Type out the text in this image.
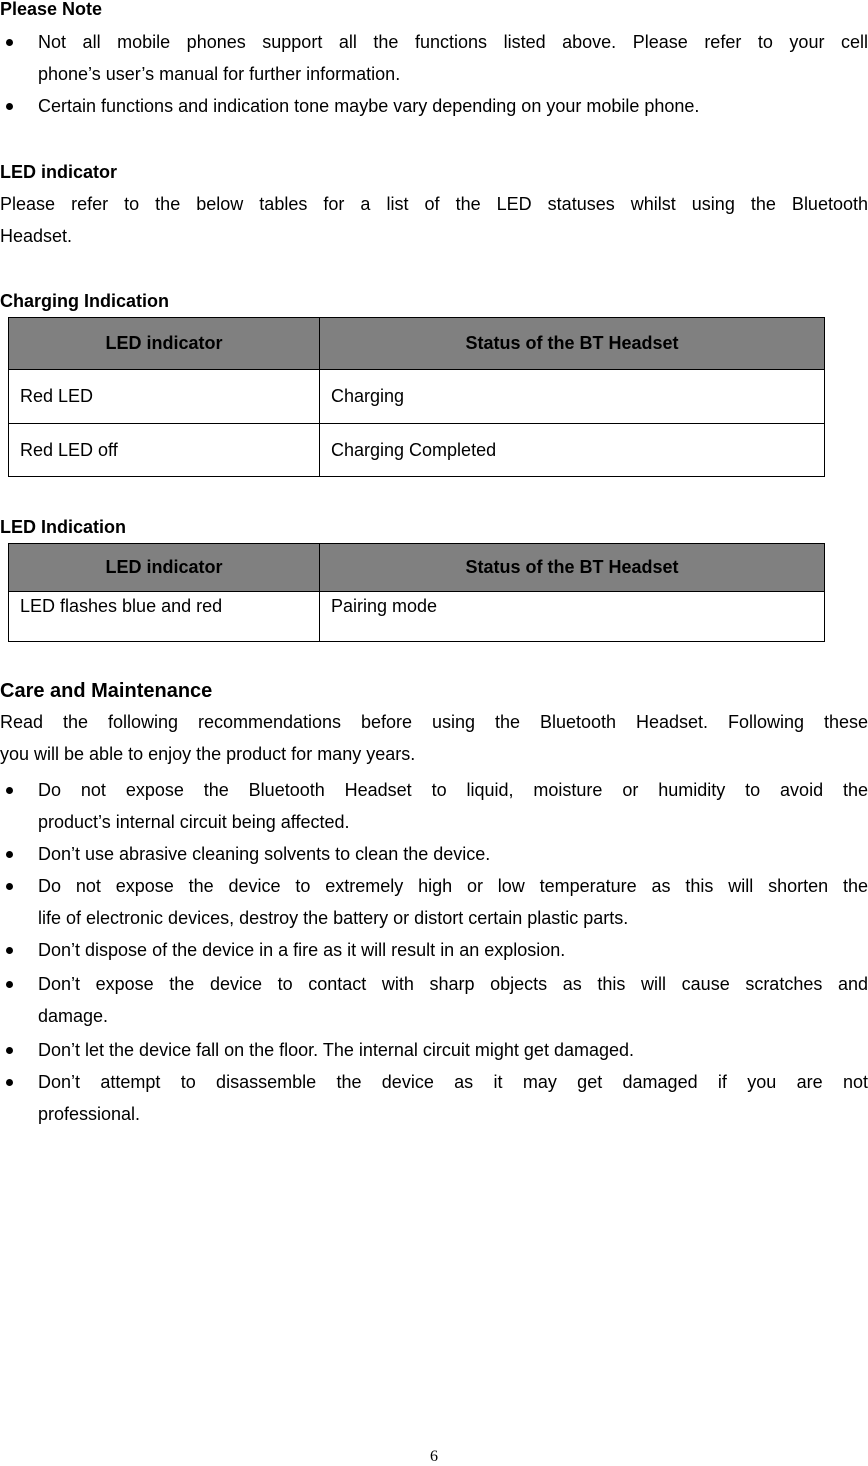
Please Note
Not all mobile phones support all the functions listed above. Please refer to your cell
phone’s user’s manual for further information.
Certain functions and indication tone maybe vary depending on your mobile phone.
LED indicator
Please refer to the below tables for a list of the LED statuses whilst using the Bluetooth
Headset.
Charging Indication
LED indicator	Status of the BT Headset
Red LED	Charging
Red LED off	Charging Completed
LED Indication
LED indicator	Status of the BT Headset
LED flashes blue and red	Pairing mode
Care and Maintenance
Read the following recommendations before using the Bluetooth Headset. Following these
you will be able to enjoy the product for many years.
Do not expose the Bluetooth Headset to liquid, moisture or humidity to avoid the
product’s internal circuit being affected.
Don’t use abrasive cleaning solvents to clean the device.
Do not expose the device to extremely high or low temperature as this will shorten the
life of electronic devices, destroy the battery or distort certain plastic parts.
Don’t dispose of the device in a fire as it will result in an explosion.
Don’t expose the device to contact with sharp objects as this will cause scratches and
damage.
Don’t let the device fall on the floor. The internal circuit might get damaged.
Don’t attempt to disassemble the device as it may get damaged if you are not
professional.
6
